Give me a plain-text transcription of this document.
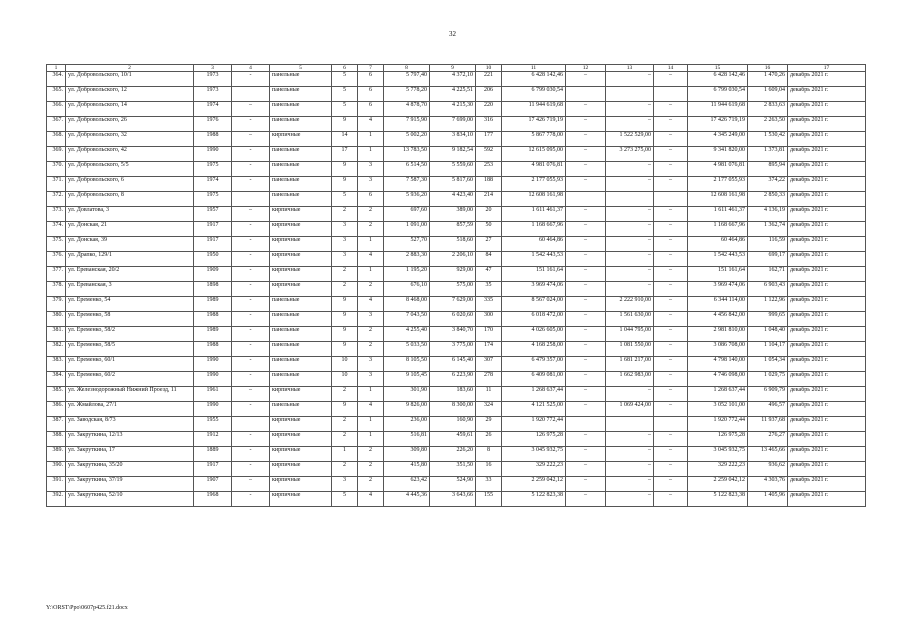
32
1	2	3	4	5	6	7	8	9	10	11	12	13	14	15	16	17
364.	ул. Добровольского, 10/1	1973	-	панельные	5	6	5 797,40	4 372,10	221	6 428 142,46	–	–	–	6 428 142,46	1 470,26	декабрь 2021 г.
365.	ул. Добровольского, 12	1973		панельные	5	6	5 778,20	4 225,51	206	6 799 030,54				6 799 030,54	1 609,04	декабрь 2021 г.
366.	ул. Добровольского, 14	1974	–	панельные	5	6	4 878,70	4 215,30	220	11 944 619,68	–	–	–	11 944 619,68	2 833,63	декабрь 2021 г.
367.	ул. Добровольского, 26	1976	-	панельные	9	4	7 915,90	7 699,00	316	17 426 719,19	–	–	–	17 426 719,19	2 263,50	декабрь 2021 г.
368.	ул. Добровольского, 32	1988	–	кирпичные	14	1	5 002,20	3 834,10	177	5 867 778,00	–	1 522 529,00	–	4 345 249,00	1 530,42	декабрь 2021 г.
369.	ул. Добровольского, 42	1990	-	панельные	17	1	13 783,50	9 182,54	592	12 615 095,00	–	3 273 275,00	–	9 341 820,00	1 373,81	декабрь 2021 г.
370.	ул. Добровольского, 5/5	1975	-	панельные	9	3	6 514,50	5 559,60	253	4 981 076,81	–	–	–	4 981 076,81	895,94	декабрь 2021 г.
371.	ул. Добровольского, 6	1974	-	панельные	9	3	7 587,30	5 817,60	188	2 177 055,93	–	–	–	2 177 055,93	374,22	декабрь 2021 г.
372.	ул. Добровольского, 8	1975		панельные	5	6	5 936,20	4 423,40	214	12 608 161,98				12 608 161,98	2 850,33	декабрь 2021 г.
373.	ул. Довлатова, 3	1957	–	кирпичные	2	2	697,60	389,00	20	1 611 461,37	–	–	–	1 611 461,37	4 136,19	декабрь 2021 г.
374.	ул. Донская, 21	1917	-	кирпичные	3	2	1 091,00	857,59	50	1 168 667,96	–	–	–	1 168 667,96	1 362,74	декабрь 2021 г.
375.	ул. Донская, 39	1917	-	кирпичные	3	1	527,70	518,60	27	60 464,86	–	–	–	60 464,86	116,59	декабрь 2021 г.
376.	ул. Драпко, 129/1	1950	-	кирпичные	3	4	2 883,30	2 206,10	84	1 542 443,53	–	–	–	1 542 443,53	699,17	декабрь 2021 г.
377.	ул. Ереванская, 20/2	1909	-	кирпичные	2	1	1 195,20	929,00	47	151 161,64	–	–	–	151 161,64	162,71	декабрь 2021 г.
378.	ул. Ереванская, 3	1898	-	кирпичные	2	2	676,10	575,00	35	3 969 474,06	–	–	–	3 969 474,06	6 903,43	декабрь 2021 г.
379.	ул. Еременко, 54	1989	-	панельные	9	4	8 468,00	7 629,00	335	8 567 024,00	–	2 222 910,00	–	6 344 114,00	1 122,96	декабрь 2021 г.
380.	ул. Еременко, 58	1988	-	панельные	9	3	7 043,50	6 020,60	300	6 018 472,00	–	1 561 630,00	–	4 456 842,00	999,65	декабрь 2021 г.
381.	ул. Еременко, 58/2	1989	-	панельные	9	2	4 255,40	3 840,70	170	4 026 605,00	–	1 044 795,00	–	2 981 810,00	1 048,40	декабрь 2021 г.
382.	ул. Еременко, 58/5	1988	-	панельные	9	2	5 033,50	3 775,00	174	4 168 258,00	–	1 081 550,00	–	3 086 708,00	1 104,17	декабрь 2021 г.
383.	ул. Еременко, 60/1	1990	-	панельные	10	3	8 105,50	6 145,40	307	6 479 357,00	–	1 681 217,00	–	4 798 140,00	1 054,34	декабрь 2021 г.
384.	ул. Еременко, 60/2	1990	-	панельные	10	3	9 105,45	6 223,90	278	6 409 081,00	–	1 662 983,00	–	4 746 098,00	1 029,75	декабрь 2021 г.
385.	ул. Железнодорожный Нижний Проезд, 11	1961	–	кирпичные	2	1	301,90	183,60	11	1 268 637,44	–	–	–	1 268 637,44	6 909,79	декабрь 2021 г.
386.	ул. Жмайлова, 27/1	1990	-	панельные	9	4	9 826,00	8 300,00	324	4 121 525,00	–	1 069 424,00	–	3 052 101,00	496,57	декабрь 2021 г.
387.	ул. Заводская, 8/73	1955		кирпичные	2	1	236,00	160,90	29	1 920 772,44				1 920 772,44	11 937,68	декабрь 2021 г.
388.	ул. Закруткина, 12/13	1912	-	кирпичные	2	1	516,81	459,61	26	126 975,28	–	–	–	126 975,28	276,27	декабрь 2021 г.
389.	ул. Закруткина, 17	1889	-	кирпичные	1	2	309,80	226,20	8	3 045 932,75	–	–	–	3 045 932,75	13 465,66	декабрь 2021 г.
390.	ул. Закруткина, 35/20	1917	-	кирпичные	2	2	415,80	351,50	16	329 222,23	–	–	–	329 222,23	936,62	декабрь 2021 г.
391.	ул. Закруткина, 37/19	1907	–	кирпичные	3	2	623,42	524,90	33	2 259 042,12	–	–	–	2 259 042,12	4 303,76	декабрь 2021 г.
392.	ул. Закруткина, 52/10	1968	-	кирпичные	5	4	4 445,36	3 643,66	155	5 122 823,38	–	–	–	5 122 823,38	1 405,96	декабрь 2021 г.
Y:\ORST\Ppo\0607p425.f21.docx
